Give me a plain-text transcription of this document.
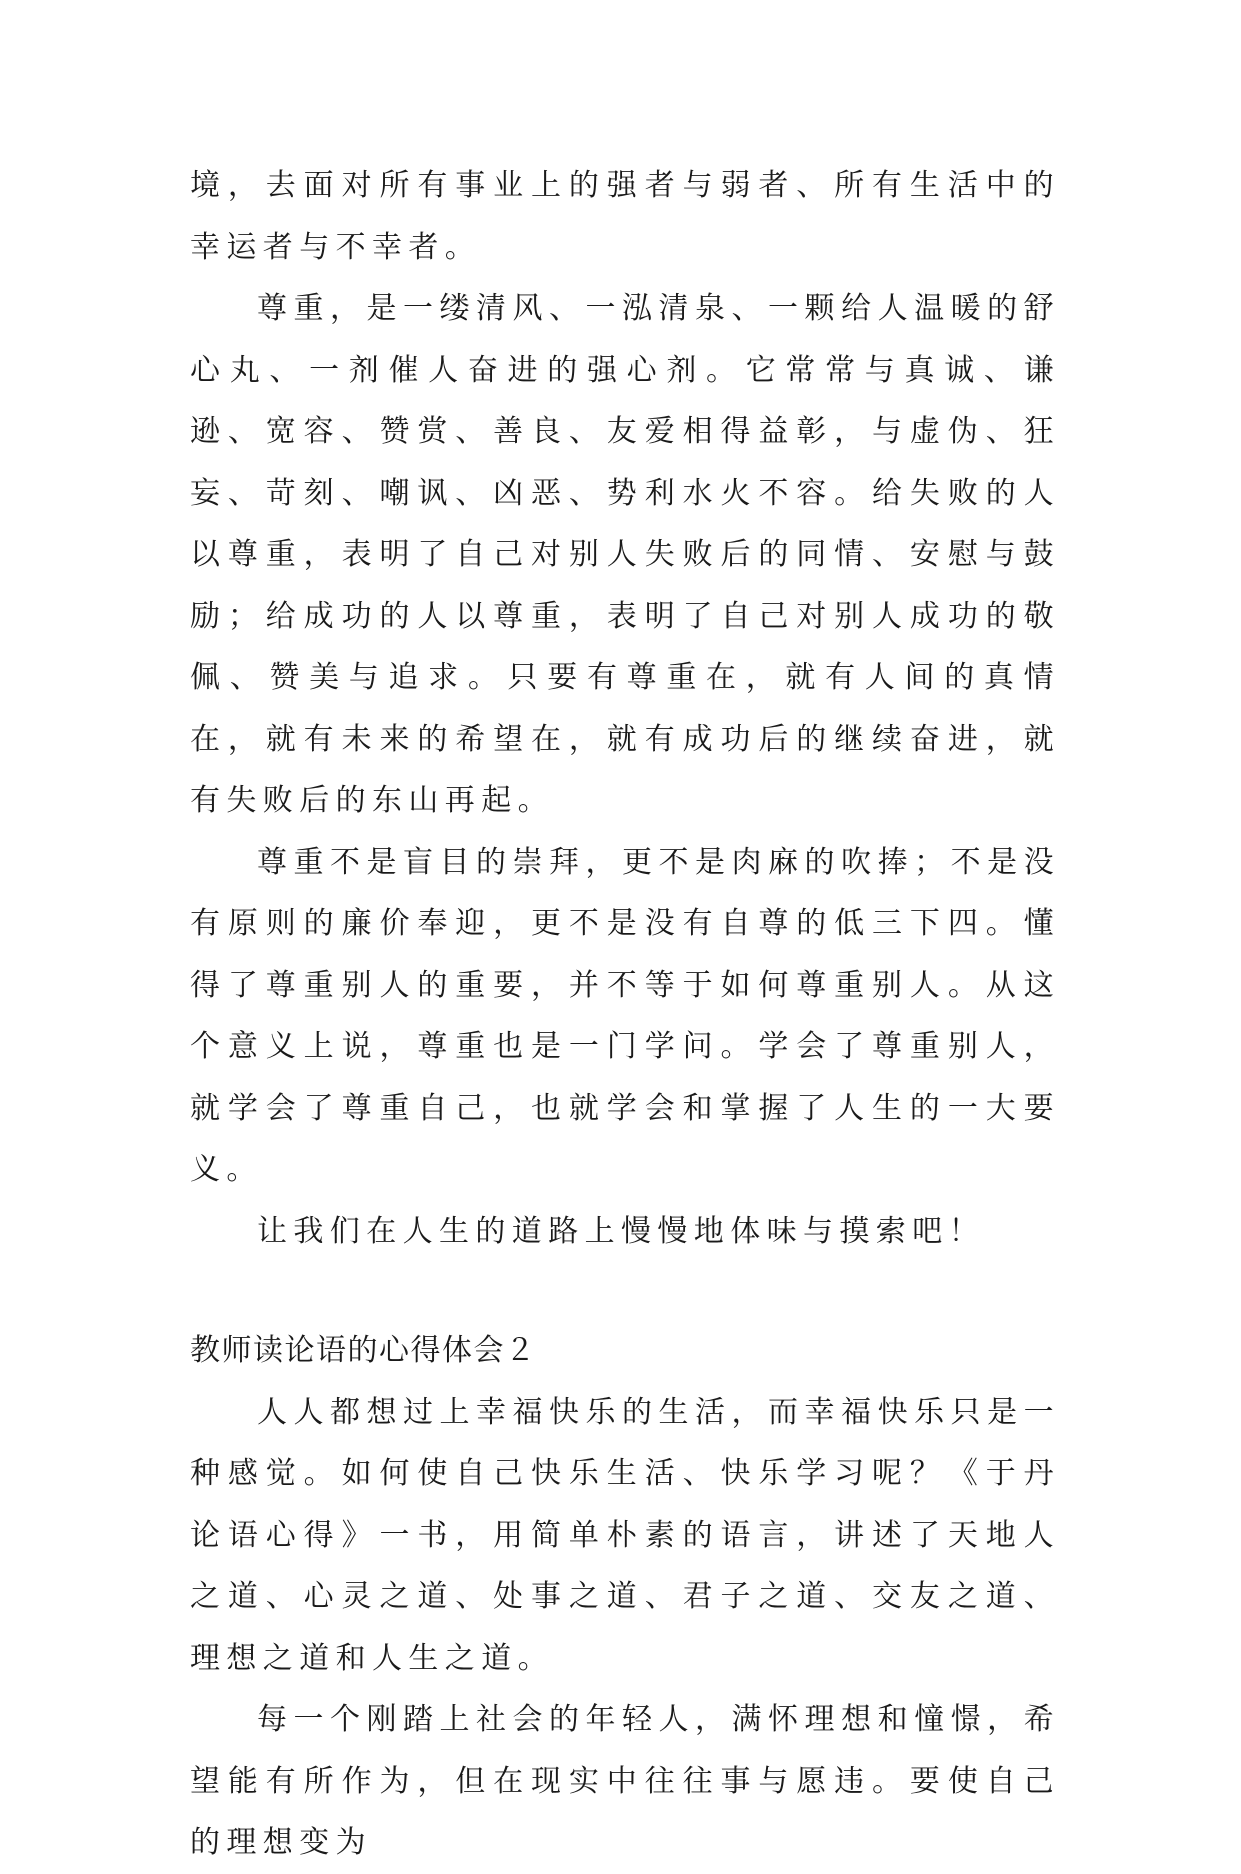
境，去面对所有事业上的强者与弱者、所有生活中的幸运者与不幸者。

尊重，是一缕清风、一泓清泉、一颗给人温暖的舒心丸、一剂催人奋进的强心剂。它常常与真诚、谦逊、宽容、赞赏、善良、友爱相得益彰，与虚伪、狂妄、苛刻、嘲讽、凶恶、势利水火不容。给失败的人以尊重，表明了自己对别人失败后的同情、安慰与鼓励；给成功的人以尊重，表明了自己对别人成功的敬佩、赞美与追求。只要有尊重在，就有人间的真情在，就有未来的希望在，就有成功后的继续奋进，就有失败后的东山再起。

尊重不是盲目的崇拜，更不是肉麻的吹捧；不是没有原则的廉价奉迎，更不是没有自尊的低三下四。懂得了尊重别人的重要，并不等于如何尊重别人。从这个意义上说，尊重也是一门学问。学会了尊重别人，就学会了尊重自己，也就学会和掌握了人生的一大要义。

让我们在人生的道路上慢慢地体味与摸索吧！

教师读论语的心得体会２

人人都想过上幸福快乐的生活，而幸福快乐只是一种感觉。如何使自己快乐生活、快乐学习呢？《于丹论语心得》一书，用简单朴素的语言，讲述了天地人之道、心灵之道、处事之道、君子之道、交友之道、理想之道和人生之道。

每一个刚踏上社会的年轻人，满怀理想和憧憬，希望能有所作为，但在现实中往往事与愿违。要使自己的理想变为
